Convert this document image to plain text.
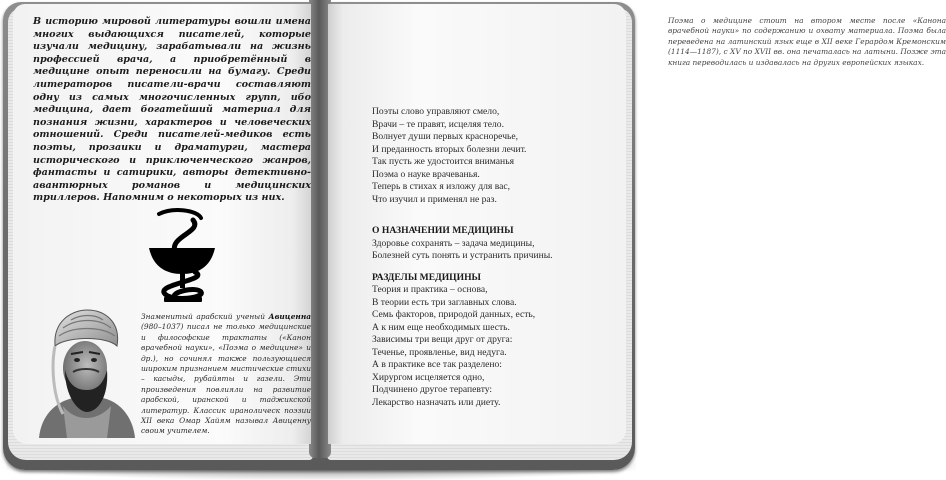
В историю мировой литературы вошли имена многих выдающихся писателей, которые изучали медицину, зарабатывали на жизнь профессией врача, а приобретённый в медицине опыт переносили на бумагу. Среди литераторов писатели-врачи составляют одну из самых многочисленных групп, ибо медицина, дает богатейший материал для познания жизни, характеров и человеческих отношений. Среди писателей-медиков есть поэты, прозаики и драматурги, мастера исторического и приключенческого жанров, фантасты и сатирики, авторы детективно-авантюрных романов и медицинских триллеров. Напомним о некоторых из них.

Знаменитый арабский ученый Авиценна (980–1037) писал не только медицинские и философские трактаты («Канон врачебной науки», «Поэма о медицине» и др.), но сочинял также пользующиеся широким признанием мистические стихи – касыды, рубайяты и газели. Эти произведения повлияли на развитие арабской, иранской и таджикской литератур. Классик иранолическ поэзии XII века Омар Хайям называл Авиценну своим учителем.

Поэма о медицине стоит на втором месте после «Канона врачебной науки» по содержанию и охвату материала. Поэма была переведена на латинский язык еще в XII веке Герардом Кремонским (1114—1187), с XV по XVII вв. она печаталась на латыни. Позже эта книга переводилась и издавалась на других европейских языках.

Поэты слово управляют смело,
Врачи – те правят, исцеляя тело.
Волнует души первых красноречье,
И преданность вторых болезни лечит.
Так пусть же удостоится вниманья
Поэма о науке врачеванья.
Теперь в стихах я изложу для вас,
Что изучил и применял не раз.
О НАЗНАЧЕНИИ МЕДИЦИНЫ
Здоровье сохранять – задача медицины,
Болезней суть понять и устранить причины.
РАЗДЕЛЫ МЕДИЦИНЫ
Теория и практика – основа,
В теории есть три заглавных слова.
Семь факторов, природой данных, есть,
А к ним еще необходимых шесть.
Зависимы три вещи друг от друга:
Теченье, проявленье, вид недуга.
А в практике все так разделено:
Хирургом исцеляется одно,
Подчинено другое терапевту:
Лекарство назначать или диету.
